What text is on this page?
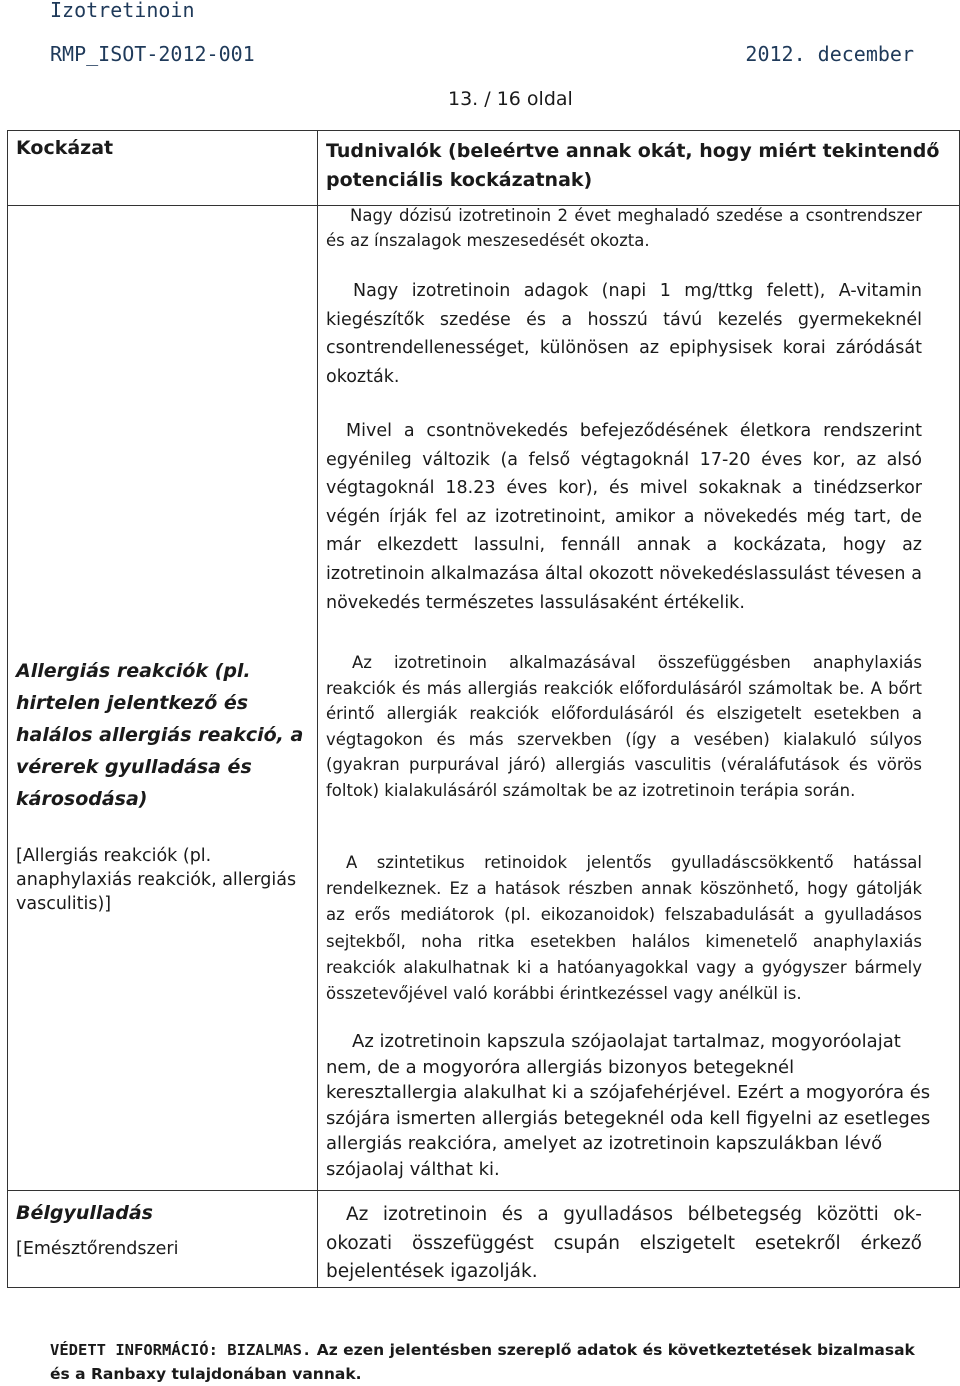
Izotretinoin
RMP_ISOT-2012-001	2012. december
13. / 16 oldal
Kockázat	Tudnivalók (beleértve annak okát, hogy miért tekintendő potenciális kockázatnak)
Nagy dózisú izotretinoin 2 évet meghaladó szedése a csontrendszer és az ínszalagok meszesedését okozta.
Nagy izotretinoin adagok (napi 1 mg/ttkg felett), A-vitamin kiegészítők szedése és a hosszú távú kezelés gyermekeknél csontrendellenességet, különösen az epiphysisek korai záródását okozták.
Mivel a csontnövekedés befejeződésének életkora rendszerint egyénileg változik (a felső végtagoknál 17-20 éves kor, az alsó végtagoknál 18.23 éves kor), és mivel sokaknak a tinédzserkor végén írják fel az izotretinoint, amikor a növekedés még tart, de már elkezdett lassulni, fennáll annak a kockázata, hogy az izotretinoin alkalmazása által okozott növekedéslassulást tévesen a növekedés természetes lassulásaként értékelik.
Allergiás reakciók (pl. hirtelen jelentkező és halálos allergiás reakció, a vérerek gyulladása és károsodása)
[Allergiás reakciók (pl. anaphylaxiás reakciók, allergiás vasculitis)]
Az izotretinoin alkalmazásával összefüggésben anaphylaxiás reakciók és más allergiás reakciók előfordulásáról számoltak be. A bőrt érintő allergiák reakciók előfordulásáról és elszigetelt esetekben a végtagokon és más szervekben (így a vesében) kialakuló súlyos (gyakran purpurával járó) allergiás vasculitis (véraláfutások és vörös foltok) kialakulásáról számoltak be az izotretinoin terápia során.
A szintetikus retinoidok jelentős gyulladáscsökkentő hatással rendelkeznek. Ez a hatások részben annak köszönhető, hogy gátolják az erős mediátorok (pl. eikozanoidok) felszabadulását a gyulladásos sejtekből, noha ritka esetekben halálos kimenetelő anaphylaxiás reakciók alakulhatnak ki a hatóanyagokkal vagy a gyógyszer bármely összetevőjével való korábbi érintkezéssel vagy anélkül is.
Az izotretinoin kapszula szójaolajat tartalmaz, mogyoróolajat nem, de a mogyoróra allergiás bizonyos betegeknél keresztallergia alakulhat ki a szójafehérjével. Ezért a mogyoróra és szójára ismerten allergiás betegeknél oda kell figyelni az esetleges allergiás reakcióra, amelyet az izotretinoin kapszulákban lévő szójaolaj válthat ki.
Bélgyulladás
[Emésztőrendszeri
Az izotretinoin és a gyulladásos bélbetegség közötti ok-okozati összefüggést csupán elszigetelt esetekről érkező bejelentések igazolják.
VÉDETT INFORMÁCIÓ: BIZALMAS. Az ezen jelentésben szereplő adatok és következtetések bizalmasak és a Ranbaxy tulajdonában vannak.
